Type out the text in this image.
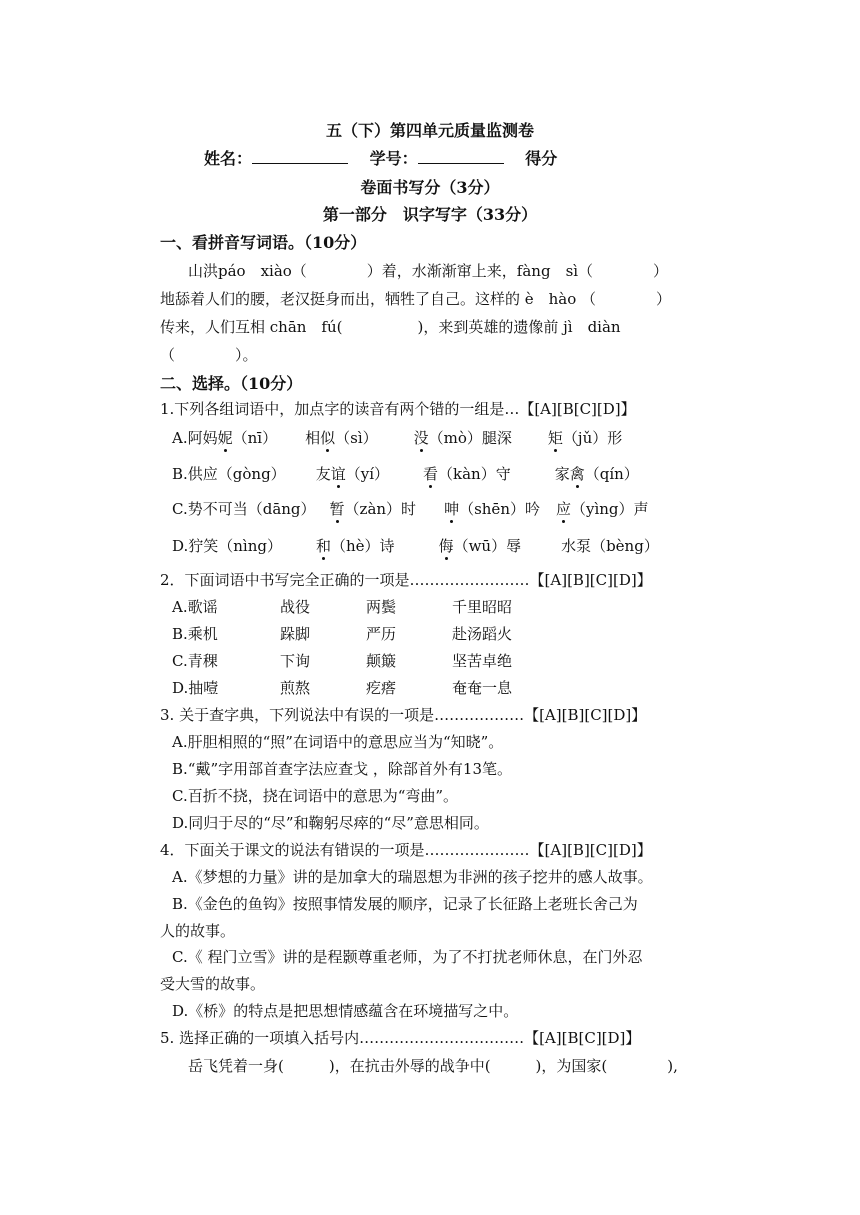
五（下）第四单元质量监测卷
姓名：　	学号：　	得分
卷面书写分（3分）
第一部分　识字写字（33分）
一、看拼音写词语。（10分）
山洪páo　xiào（　　　　）着，水渐渐窜上来，fàng　sì（　　　　）
地舔着人们的腰，老汉挺身而出，牺牲了自己。这样的 è　hào （　　　　）
传来，人们互相 chān　fú(　　　　　)，来到英雄的遗像前 jì　diàn
（　　　　）。
二、选择。（10分）
1.下列各组词语中，加点字的读音有两个错的一组是…【[A][B[C][D]】
A.阿妈妮（nī） 相似（sì） 没（mò）腿深 矩（jǔ）形
B.供应（gòng） 友谊（yí） 看（kàn）守	家禽（qín）
C.势不可当（dāng） 暂（zàn）时 呻（shēn）吟 应（yìng）声
D.狞笑（nìng） 和（hè）诗	侮（wū）辱	水泵（bèng）
2．下面词语中书写完全正确的一项是……………………【[A][B][C][D]】
A.歌谣	战役	两鬓	千里昭昭
B.乘机	跺脚	严历	赴汤蹈火
C.青稞	下询	颠簸	坚苦卓绝
D.抽噎	煎熬	疙瘩	奄奄一息
3. 关于查字典，下列说法中有误的一项是………………【[A][B][C][D]】
A.肝胆相照的“照”在词语中的意思应当为“知晓”。
B.“戴”字用部首查字法应查戈 ，除部首外有13笔。
C.百折不挠，挠在词语中的意思为“弯曲”。
D.同归于尽的“尽”和鞠躬尽瘁的“尽”意思相同。
4．下面关于课文的说法有错误的一项是…………………【[A][B][C][D]】
A.《梦想的力量》讲的是加拿大的瑞恩想为非洲的孩子挖井的感人故事。
B.《金色的鱼钩》按照事情发展的顺序，记录了长征路上老班长舍己为
人的故事。
C.《 程门立雪》讲的是程颢尊重老师，为了不打扰老师休息，在门外忍
受大雪的故事。
D.《桥》的特点是把思想情感蕴含在环境描写之中。
5. 选择正确的一项填入括号内……………………………【[A][B[C][D]】
岳飞凭着一身(　　　)，在抗击外辱的战争中(　　　)，为国家(　　　　),
